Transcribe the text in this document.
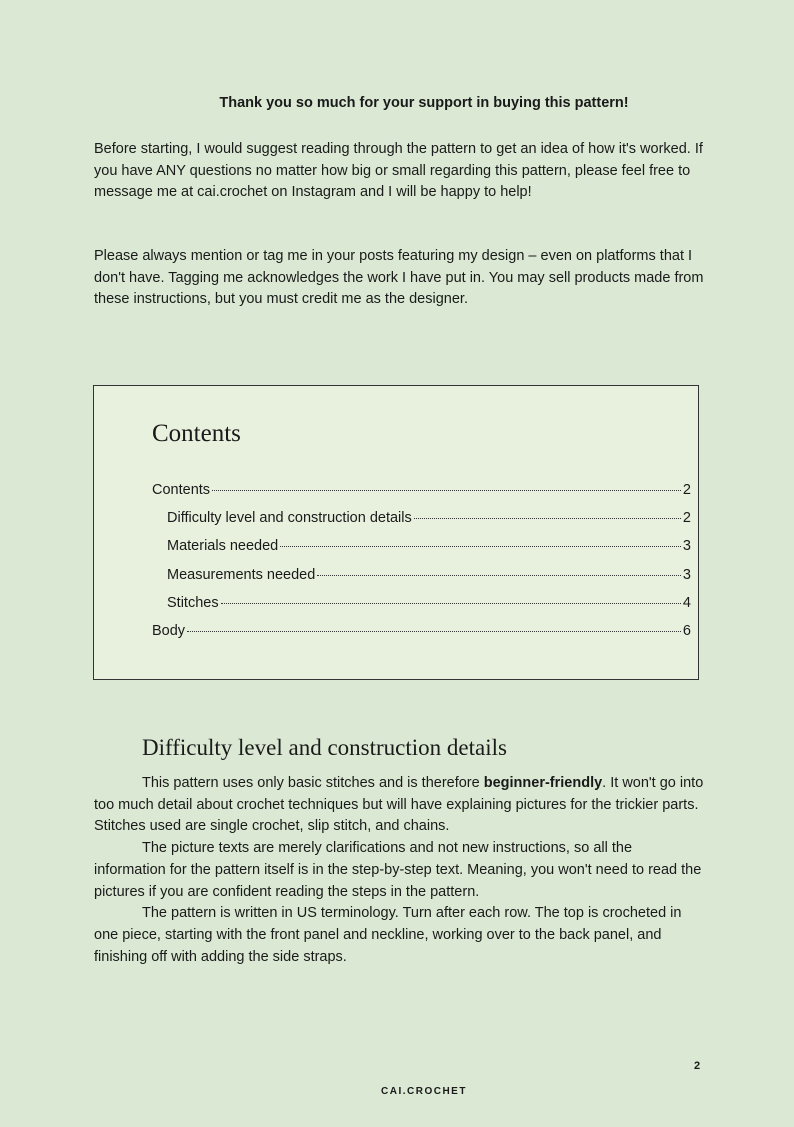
Thank you so much for your support in buying this pattern!

Before starting, I would suggest reading through the pattern to get an idea of how it's worked. If you have ANY questions no matter how big or small regarding this pattern, please feel free to message me at cai.crochet on Instagram and I will be happy to help!

Please always mention or tag me in your posts featuring my design – even on platforms that I don't have. Tagging me acknowledges the work I have put in. You may sell products made from these instructions, but you must credit me as the designer.

Contents
Contents	2
Difficulty level and construction details	2
Materials needed	3
Measurements needed	3
Stitches	4
Body	6
Difficulty level and construction details

This pattern uses only basic stitches and is therefore beginner-friendly. It won't go into too much detail about crochet techniques but will have explaining pictures for the trickier parts. Stitches used are single crochet, slip stitch, and chains.

The picture texts are merely clarifications and not new instructions, so all the information for the pattern itself is in the step-by-step text. Meaning, you won't need to read the pictures if you are confident reading the steps in the pattern.

The pattern is written in US terminology. Turn after each row. The top is crocheted in one piece, starting with the front panel and neckline, working over to the back panel, and finishing off with adding the side straps.

2
CAI.CROCHET
